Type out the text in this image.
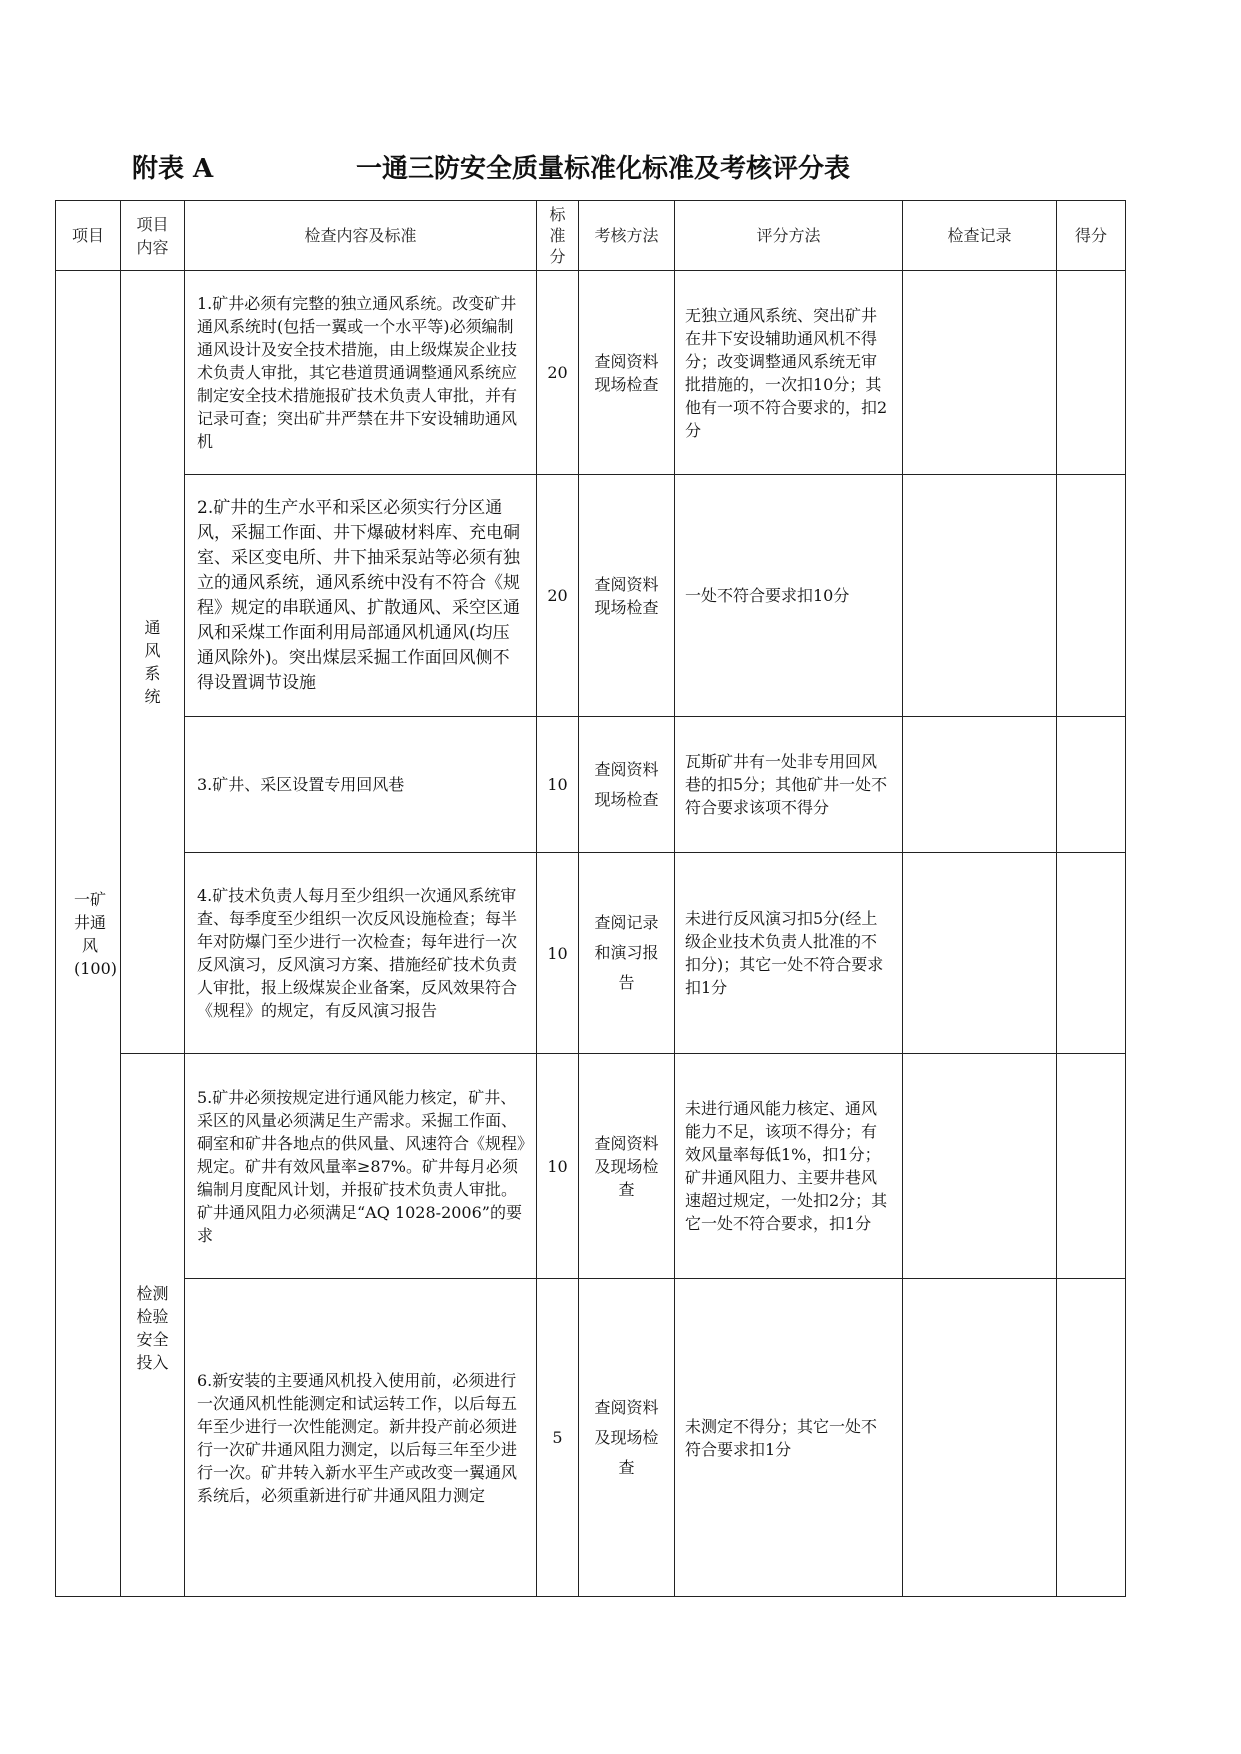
附表 A	一通三防安全质量标准化标准及考核评分表
项目	项目内容	检查内容及标准	标准分	考核方法	评分方法	检查记录	得分
一矿井通风(100)	通风系统	1.矿井必须有完整的独立通风系统。改变矿井通风系统时(包括一翼或一个水平等)必须编制通风设计及安全技术措施，由上级煤炭企业技术负责人审批，其它巷道贯通调整通风系统应制定安全技术措施报矿技术负责人审批，并有记录可查；突出矿井严禁在井下安设辅助通风机	20	查阅资料现场检查	无独立通风系统、突出矿井在井下安设辅助通风机不得分；改变调整通风系统无审批措施的，一次扣10分；其他有一项不符合要求的，扣2分		
		2.矿井的生产水平和采区必须实行分区通风，采掘工作面、井下爆破材料库、充电硐室、采区变电所、井下抽采泵站等必须有独立的通风系统，通风系统中没有不符合《规程》规定的串联通风、扩散通风、采空区通风和采煤工作面利用局部通风机通风(均压通风除外)。突出煤层采掘工作面回风侧不得设置调节设施	20	查阅资料现场检查	一处不符合要求扣10分		
		3.矿井、采区设置专用回风巷	10	查阅资料现场检查	瓦斯矿井有一处非专用回风巷的扣5分；其他矿井一处不符合要求该项不得分		
		4.矿技术负责人每月至少组织一次通风系统审查、每季度至少组织一次反风设施检查；每半年对防爆门至少进行一次检查；每年进行一次反风演习，反风演习方案、措施经矿技术负责人审批，报上级煤炭企业备案，反风效果符合《规程》的规定，有反风演习报告	10	查阅记录和演习报告	未进行反风演习扣5分(经上级企业技术负责人批准的不扣分)；其它一处不符合要求扣1分		
	检测检验安全投入	5.矿井必须按规定进行通风能力核定，矿井、采区的风量必须满足生产需求。采掘工作面、硐室和矿井各地点的供风量、风速符合《规程》规定。矿井有效风量率≥87%。矿井每月必须编制月度配风计划，并报矿技术负责人审批。矿井通风阻力必须满足“AQ 1028-2006”的要求	10	查阅资料及现场检查	未进行通风能力核定、通风能力不足，该项不得分；有效风量率每低1%，扣1分；矿井通风阻力、主要井巷风速超过规定，一处扣2分；其它一处不符合要求，扣1分		
		6.新安装的主要通风机投入使用前，必须进行一次通风机性能测定和试运转工作，以后每五年至少进行一次性能测定。新井投产前必须进行一次矿井通风阻力测定，以后每三年至少进行一次。矿井转入新水平生产或改变一翼通风系统后，必须重新进行矿井通风阻力测定	5	查阅资料及现场检查	未测定不得分；其它一处不符合要求扣1分		
